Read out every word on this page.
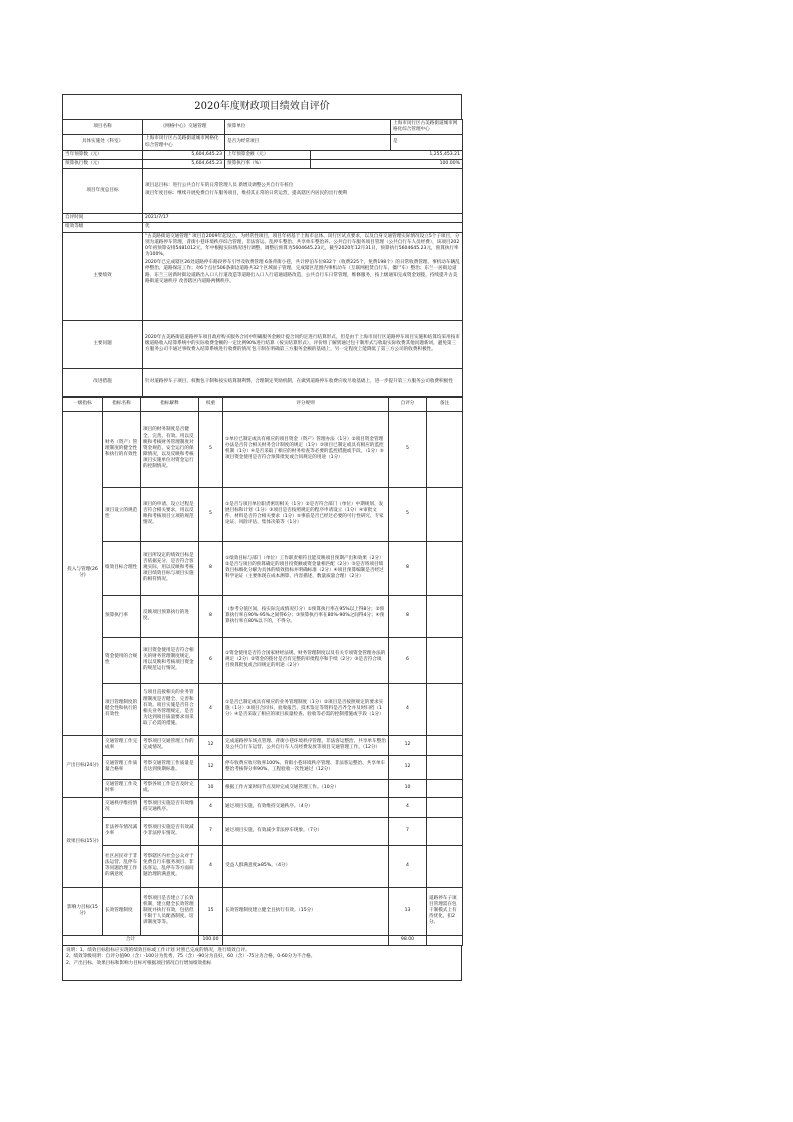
2020年度财政项目绩效自评价
项目名称	《网格中心》交通管理	预算单位		上海市闵行区古美路街道城市网格化综合管理中心
具体实施处（科室）	上海市闵行区古美路街道城市网格化综合管理中心	是否为经常项目		是
当年预算数（元）	5,604,645.23	上年预算金额（元）	1,255,453.21	
预算执行数（元）	5,604,645.23	预算执行率（%）	100.00%	
项目年度总目标	项目总目标：进行公共自行车的日常管理人员 新增及调整公共自行车桩位

项目年度目标：继续开展免费自行车服务项目，维持其正常的日常运营，提高辖区内居民的出行便利			

自评时间	2021/7/17			
绩效等级	优			
主要绩效	"古美路街道交通管理" 项目自2009年起设立，为经常性项目，项目年初基于上海市总体、闵行区试点要求，以及自身交通管理实际情况设立5个子项目，分别为道路停车管理，背街小巷环境秩序综合管理，非法客运、乱停车整治、共享单车整治养、公共自行车服务项目管理（公共自行车人员经费），该项目2020年初预算安排5481012元，年中根据实际情况进行调整，调整后预算为5604645.23元，截至2020年12月31日，预算执行5604645.23元，预算执行率为100%。

2020年已完成辖区26处道路停车路段停车引导及收费管理 6条背街小巷，共计停泊车位832个（收费225个，免费198个）的日常收费管理、事机动车辆乱停整治、道路保洁工作；对6个点位506条街边道路共32个区域面子管理，完成辖区范围内事机动车（互联网租赁自行车、僵尸车）整治；东兰一居街边道路、东兰三居新时街边道路出入口人行道改造等道路出入口人行道通道路改造，公共自行车日常管理，维修服务，按上级通知完成资金划拨，持续提升古美路街道交通秩序 改善辖区内道路两侧秩序。			

主要问题	2020年古美路街道道路停车项目政府购买服务合同中明确服务金额计提合同约定进行结算形式，但是由于上海市闵行区道路停车项目实施和结算均采用按市级道路收入结算系统中的实际收费金额的一定比例90%进行结算（按实结算形式），评价组了解到通过包干制形式与收取实际收费其他问题新词，避免第三方服务公司不通过事收费入结算系统进行收费的情况 包干制在明确第三方服务金额的基础上，另一定程度上能降低了第三方公司的收费积极性。			
改进措施	针对道路停车子项目，权衡包干制和按实结算制利弊，合理制定奖励机制，在做到道路停车收费应收尽收基础上，进一步提升第三方服务公司收费积极性			
一级指标	指标名称	指标解释	权重	评分规则	自评分	备注
投入与管理(26分)	财务（资产）管理制度的健全性和执行的有效性	项目的财务制度是否健全、完善、有效。用以反映和考核财务管理制度对资金规范、安全运行的保障情况，以及反映和考核项目实施单位对资金运行的控制情况。	5	①单位已制定或具有相应的项目资金（资产）管理办法（1分）②项目资金管理办法是否符合相关财务会计制度的规定（1分）③项目已制定或具有相应的监控机制（1分）④是否采取了相应的财务检查等必要的监控措施或手段。（1分）⑤项目资金使用是否符合预算批复或合同规定的用途（1分）	5	
	项目设立的规范性	项目的申请、设立过程是否符合相关要求，用以反映和考核项目立项的规范情况。	5	①是否与项目单位职责密切相关（1分）②是否符合部门（单位）中期规划、发展目标和计划（1分）③项目是否按照规定的程序申请设立（1分）④审批文件、材料是否符合相关要求（1分）⑤事前是否已经过必要的可行性研究、专家论证、风险评估、集体决策等（1分）	5	
	绩效目标合理性	项目所设定的绩效目标是否依据充分，是否符合客观实际，用以反映和考核项目绩效目标与项目实施的相符情况。	8	①绩效目标与部门（单位）工作职责相符且能反映项目预期产出和效果（2分）②是否与项目的预算确定的项目投资额或资金量相匹配（2分）③是否将项目绩效目标细化分解为具体的绩效指标并明确标准（2分）④项目预算编制是否经过科学论证（主要体现在成本测算、内容描述、数量质量合理）（2分）	8	
	预算执行率	反映项目预算执行的进度。	8	（参考分值区间，按实际完成情况打分）①预算执行率在95%以上得8分；②预算执行率在90%-95%之间得6分；③预算执行率在80%-90%之间得4分；④预算执行率在80%以下的，不得分。	8	
	资金使用的合规性	项目资金使用是否符合相关的财务管理制度规定，用以反映和考核项目资金的规范运行情况。	6	①资金使用是否符合国家财经法规、财务管理制度以及有关专项资金管理办法的规定（2分）②资金的拨付是否有完整的审批程序和手续（2分）③是否符合项目预算批复或合同规定的用途（2分）	6	
	项目管理制度的健全性和执行的有效性	与项目直接相关的业务管理制度是否健全、完善和有效。项目实施是否符合相关业务管理规定，是否为达到项目质量要求而采取了必需的措施。	4	①是否已制定或具有相应的业务管理制度（1分）②项目是否按照规定的要求实施（1分）③项目合同书、验收报告、技术鉴定等资料是否齐全并及时归档（1分）④是否采取了相应的项目质量检查、验收等必需的控制措施或手段（1分）	4	
产出目标(24分)	交通管理工作完成率	考察项目交通管理工作的完成情况。	12	完成道路停车场点管理、背街小巷环境秩序管理、非法客运整治、共享单车整治及公共自行车运营、公共自行车人员经费发放等项目交通管理工作。（12分）	12	
	交通管理工作质量合格率	考察交通管理工作质量是否达到预期标准。	12	停车收费应收尽收率100%、背街小巷环境秩序管理、非法客运整治、共享单车整治考核得分率90%、工程验收一次性通过（12分）	12	
	交通管理工作及时率	考察各项工作是否及时完成。	10	根据工作方案时间节点及时完成交通管理工作。（10分）	10	
效果目标(15分)	交通秩序维持情况	考察项目实施是否有效维持交通秩序。	4	通过项目实施，有效维持交通秩序。（4分）	4	
	非法停车情况减少率	考察项目实施是否有效减少非法停车情况。	7	通过项目实施，有效减少非法停车现象。（7分）	7	
	社区居民对于非法运营、乱停车等问题治理工作的满意度	考察辖区内社会公众对于免费自行车服务项目、非法客运、乱停车等方面问题治理的满意度。	4	受益人群满意度≥85%。（4分）	4	
影响力目标(15分)	长效管理制度	考察项目是否建立了长效机制，建立健全长效管理制度并执行有效，包括但不限于人员配备制度、培训制度等等。	15	长效管理制度建立健全且执行有效。（15分）	13	道路停车子项目管理需在包干制模式上有待优化，扣2分。
合计			100.00		98.00	
说明：1、绩效目标指标应实现的绩效目标或工作计划 对照已完成的情况，进行绩效自评。
2、绩效等级说明：自评分值90（含）-100分为优秀，75（含）-90分为良好，60（含）-75分为合格，0-60分为不合格。
2、产出目标、效果目标和影响力目标可根据项目情况自行增加绩效指标
